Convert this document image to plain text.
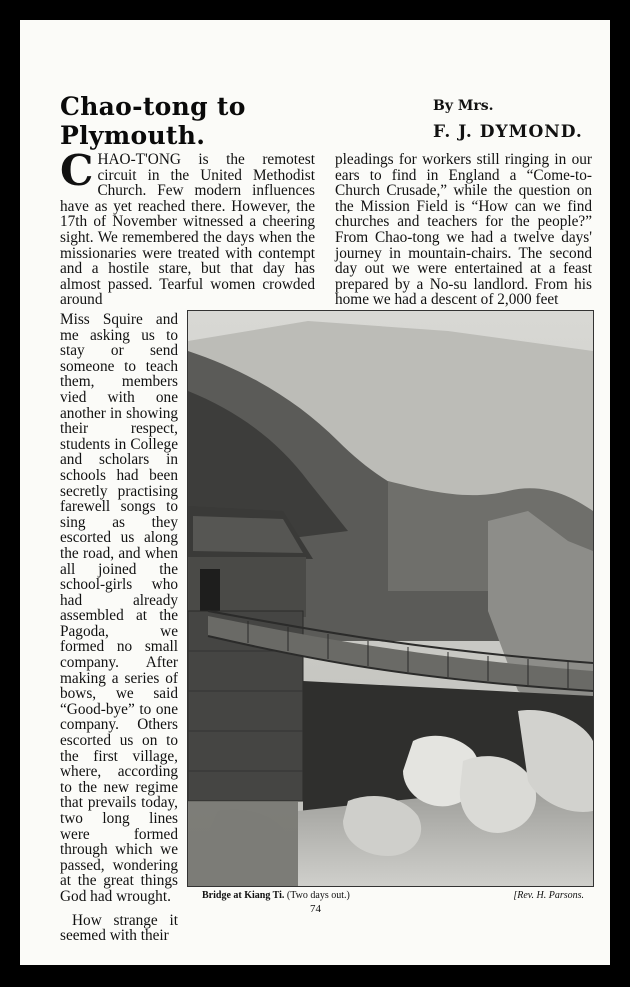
Chao-tong to
Plymouth.
By Mrs.
F. J. DYMOND.
C HAO-T'ONG is the remotest circuit in the United Methodist Church. Few modern influences have as yet reached there. However, the 17th of November witnessed a cheering sight. We remembered the days when the missionaries were treated with contempt and a hostile stare, but that day has almost passed. Tearful women crowded around
pleadings for workers still ringing in our ears to find in England a “Come-to-Church Crusade,” while the question on the Mission Field is “How can we find churches and teachers for the people?” From Chao-tong we had a twelve days' journey in mountain-chairs. The second day out we were entertained at a feast prepared by a No-su landlord. From his home we had a descent of 2,000 feet

Miss Squire and me asking us to stay or send someone to teach them, members vied with one another in showing their respect, students in College and scholars in schools had been secretly practising farewell songs to sing as they escorted us along the road, and when all joined the school-girls who had already assembled at the Pagoda, we formed no small company. After making a series of bows, we said “Good-bye” to one company. Others escorted us on to the first village, where, according to the new regime that prevails today, two long lines were formed through which we passed, wondering at the great things God had wrought.

How strange it seemed with their

Bridge at Kiang Ti. (Two days out.)	[Rev. H. Parsons.
74
